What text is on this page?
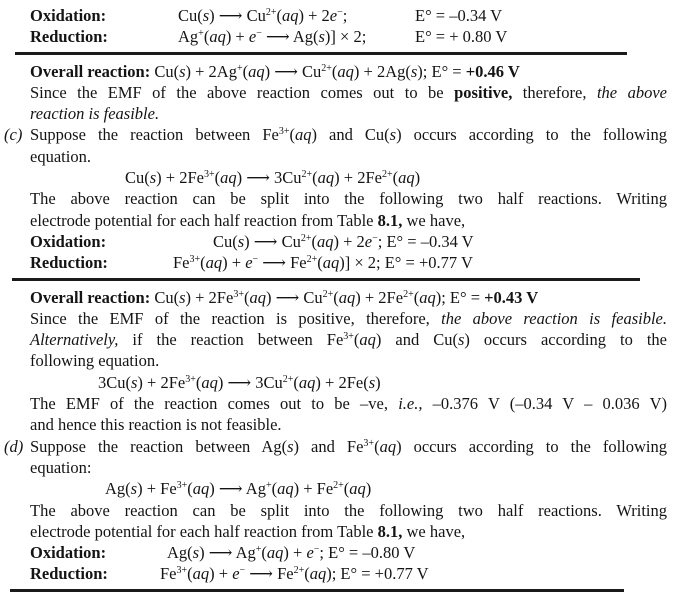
Oxidation:	Cu(s) ⟶ $Cu^{2+}(aq) + 2e^-$;	E° = –0.34 V
Reduction:	Ag+(aq) + e− ⟶ Ag(s)] × 2;	E° = + 0.80 V
Overall reaction: Cu(s) + 2Ag+(aq) ⟶ $Cu^{2+}(aq) + 2Ag(s)$; E° = +0.46 V
Since the EMF of the above reaction comes out to be positive, therefore, the above
reaction is feasible.
(c) Suppose the reaction between $Fe^{3+}(aq)$ and Cu(s) occurs according to the following
equation.
$Cu(s) + 2Fe^{3+}(aq)$ ⟶ $3Cu^{2+}(aq) + 2Fe^{2+}(aq)$
The above reaction can be split into the following two half reactions. Writing
electrode potential for each half reaction from Table 8.1, we have,
Oxidation:	Cu(s) ⟶ $Cu^{2+}(aq) + 2e^-$; E° = –0.34 V
Reduction:	$Fe^{3+}(aq) + e^-$ ⟶ $Fe^{2+}(aq)] \times 2$; E° = +0.77 V
Overall reaction: $Cu(s) + 2Fe^{3+}(aq)$ ⟶ $Cu^{2+}(aq) + 2Fe^{2+}(aq)$; E° = +0.43 V
Since the EMF of the reaction is positive, therefore, the above reaction is feasible.
Alternatively, if the reaction between $Fe^{3+}(aq)$ and Cu(s) occurs according to the
following equation.
$3Cu(s) + 2Fe^{3+}(aq)$ ⟶ $3Cu^{2+}(aq) + 2Fe(s)$
The EMF of the reaction comes out to be –ve, i.e., –0.376 V (–0.34 V – 0.036 V)
and hence this reaction is not feasible.
(d) Suppose the reaction between Ag(s) and $Fe^{3+}(aq)$ occurs according to the following
equation:
$Ag(s) + Fe^{3+}(aq)$ ⟶ $Ag^+(aq) + Fe^{2+}(aq)$
The above reaction can be split into the following two half reactions. Writing
electrode potential for each half reaction from Table 8.1, we have,
Oxidation:	Ag(s) ⟶ Ag+(aq) + e−; E° = –0.80 V
Reduction:	$Fe^{3+}(aq) + e^-$ ⟶ $Fe^{2+}(aq)$; E° = +0.77 V
